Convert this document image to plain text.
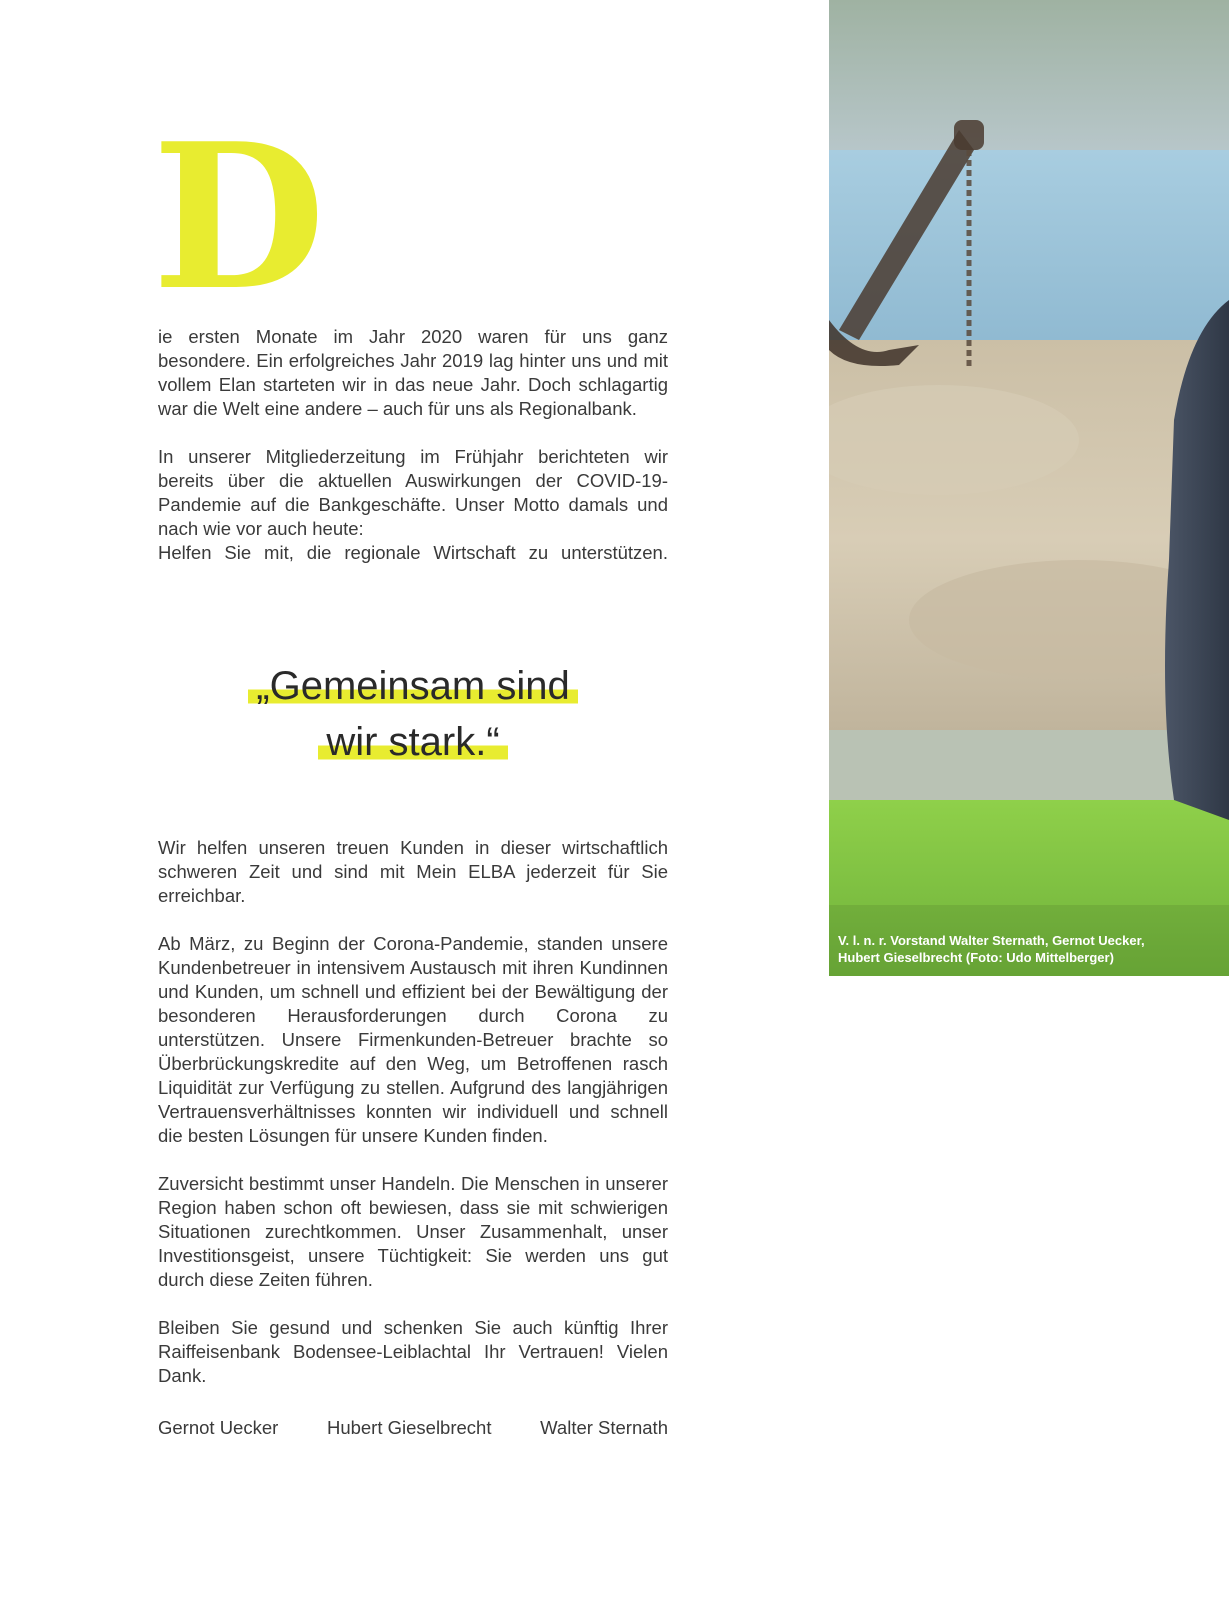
D

ie ersten Monate im Jahr 2020 waren für uns ganz besondere. Ein erfolgreiches Jahr 2019 lag hinter uns und mit vollem Elan starteten wir in das neue Jahr. Doch schlagartig war die Welt eine andere – auch für uns als Regionalbank.

In unserer Mitgliederzeitung im Frühjahr berichteten wir bereits über die aktuellen Auswirkungen der COVID-19-Pandemie auf die Bankgeschäfte. Unser Motto damals und nach wie vor auch heute:

Helfen Sie mit, die regionale Wirtschaft zu unterstützen.

„Gemeinsam sind
wir stark.“

Wir helfen unseren treuen Kunden in dieser wirtschaftlich schweren Zeit und sind mit Mein ELBA jederzeit für Sie erreichbar.

Ab März, zu Beginn der Corona-Pandemie, standen unsere Kundenbetreuer in intensivem Austausch mit ihren Kundinnen und Kunden, um schnell und effizient bei der Bewältigung der besonderen Herausforderungen durch Corona zu unterstützen. Unsere Firmenkunden-Betreuer brachte so Überbrückungskredite auf den Weg, um Betroffenen rasch Liquidität zur Verfügung zu stellen. Aufgrund des langjährigen Vertrauensverhältnisses konnten wir individuell und schnell die besten Lösungen für unsere Kunden finden.

Zuversicht bestimmt unser Handeln. Die Menschen in unserer Region haben schon oft bewiesen, dass sie mit schwierigen Situationen zurechtkommen. Unser Zusammenhalt, unser Investitionsgeist, unsere Tüchtigkeit: Sie werden uns gut durch diese Zeiten führen.

Bleiben Sie gesund und schenken Sie auch künftig Ihrer Raiffeisenbank Bodensee-Leiblachtal Ihr Vertrauen! Vielen Dank.

Gernot Uecker	Hubert Gieselbrecht	Walter Sternath
V. l. n. r. Vorstand Walter Sternath, Gernot Uecker,
Hubert Gieselbrecht (Foto: Udo Mittelberger)
